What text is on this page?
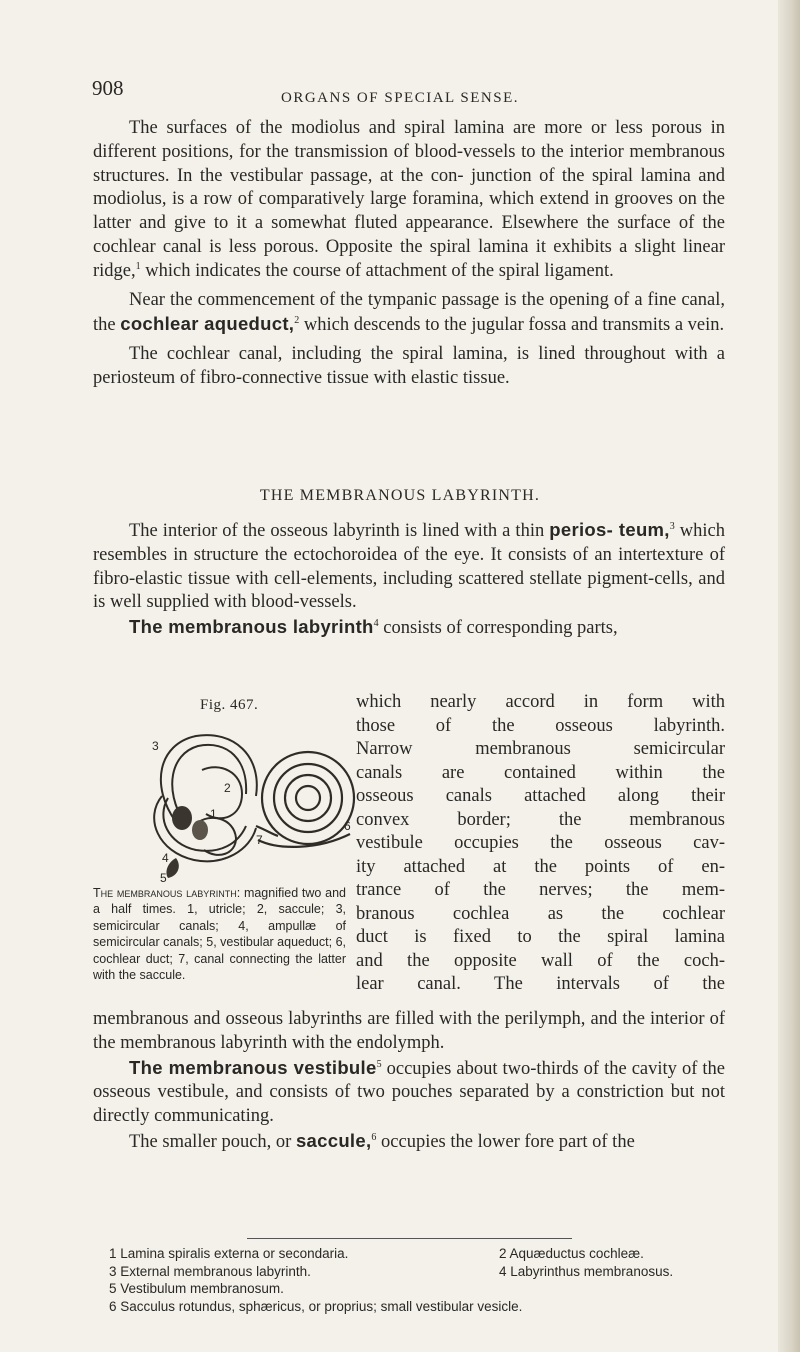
908	ORGANS OF SPECIAL SENSE.

The surfaces of the modiolus and spiral lamina are more or less porous in different positions, for the transmission of blood-vessels to the interior membranous structures. In the vestibular passage, at the con- junction of the spiral lamina and modiolus, is a row of comparatively large foramina, which extend in grooves on the latter and give to it a somewhat fluted appearance. Elsewhere the surface of the cochlear canal is less porous. Opposite the spiral lamina it exhibits a slight linear ridge,$^1$ which indicates the course of attachment of the spiral ligament.

Near the commencement of the tympanic passage is the opening of a fine canal, the cochlear aqueduct,$^2$ which descends to the jugular fossa and transmits a vein.

The cochlear canal, including the spiral lamina, is lined throughout with a periosteum of fibro-connective tissue with elastic tissue.

THE MEMBRANOUS LABYRINTH.

The interior of the osseous labyrinth is lined with a thin perios- teum,$^3$ which resembles in structure the ectochoroidea of the eye. It consists of an intertexture of fibro-elastic tissue with cell-elements, including scattered stellate pigment-cells, and is well supplied with blood-vessels.

The membranous labyrinth$^4$ consists of corresponding parts,

Fig. 467.
3
2
1
7
6
4
5
The membranous labyrinth: magnified two and a half times. 1, utricle; 2, saccule; 3, semicircular canals; 4, ampullæ of semicircular canals; 5, vestibular aqueduct; 6, cochlear duct; 7, canal connecting the latter with the saccule.
which nearly accord in form with
those of the osseous labyrinth.
Narrow membranous semicircular
canals are contained within the
osseous canals attached along their
convex border; the membranous
vestibule occupies the osseous cav-
ity attached at the points of en-
trance of the nerves; the mem-
branous cochlea as the cochlear
duct is fixed to the spiral lamina
and the opposite wall of the coch-
lear canal. The intervals of the

membranous and osseous labyrinths are filled with the perilymph, and the interior of the membranous labyrinth with the endolymph.

The membranous vestibule$^5$ occupies about two-thirds of the cavity of the osseous vestibule, and consists of two pouches separated by a constriction but not directly communicating.

The smaller pouch, or saccule,$^6$ occupies the lower fore part of the

1 Lamina spiralis externa or secondaria.	2 Aquæductus cochleæ.
3 External membranous labyrinth.	4 Labyrinthus membranosus.
5 Vestibulum membranosum.
6 Sacculus rotundus, sphæricus, or proprius; small vestibular vesicle.
